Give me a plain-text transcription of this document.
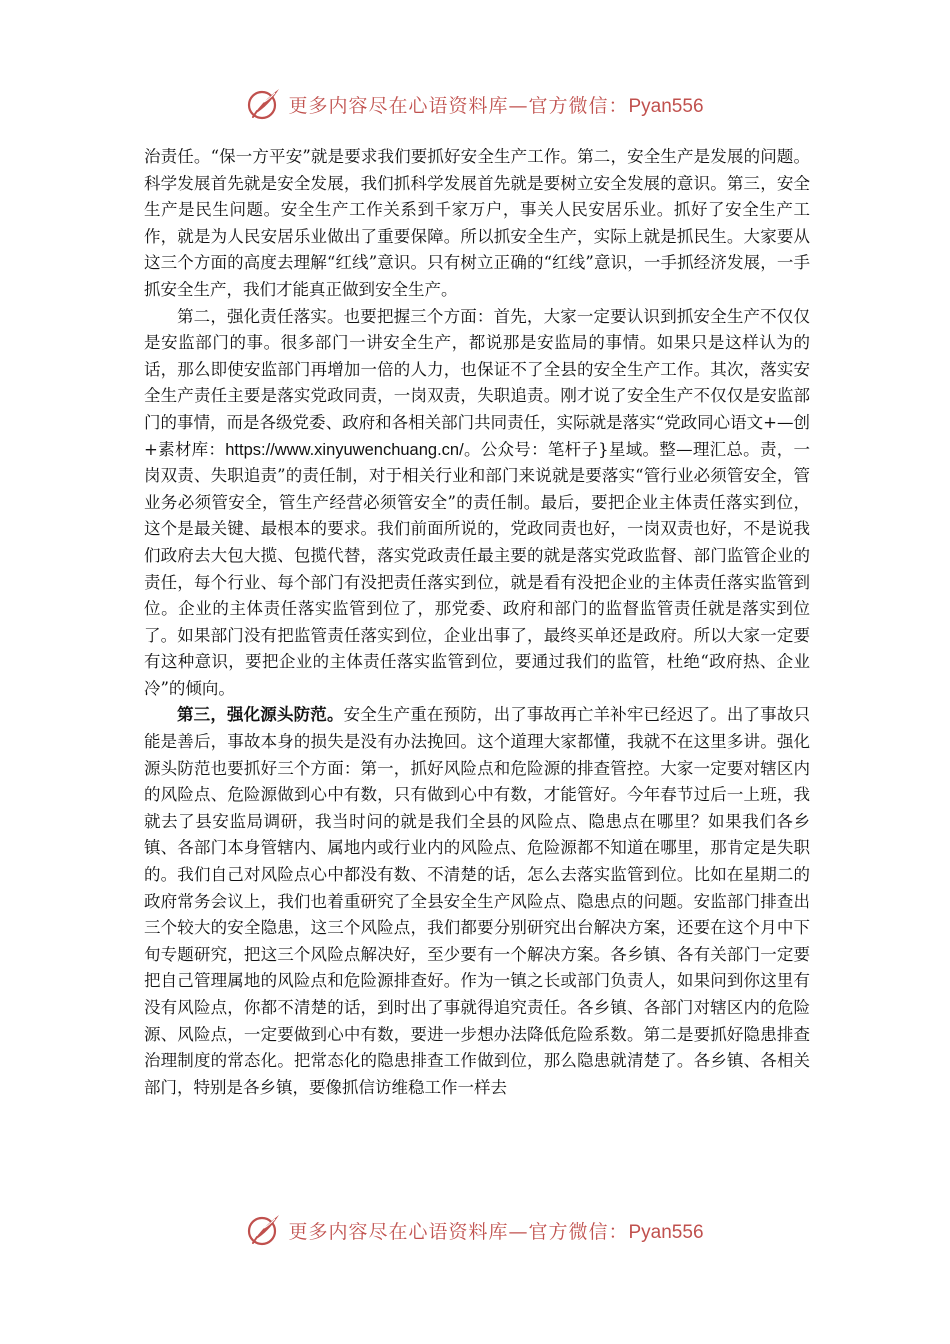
更多内容尽在心语资料库—官方微信：Pyan556

治责任。“保一方平安”就是要求我们要抓好安全生产工作。第二，安全生产是发展的问题。科学发展首先就是安全发展，我们抓科学发展首先就是要树立安全发展的意识。第三，安全生产是民生问题。安全生产工作关系到千家万户，事关人民安居乐业。抓好了安全生产工作，就是为人民安居乐业做出了重要保障。所以抓安全生产，实际上就是抓民生。大家要从这三个方面的高度去理解“红线”意识。只有树立正确的“红线”意识，一手抓经济发展，一手抓安全生产，我们才能真正做到安全生产。

第二，强化责任落实。也要把握三个方面：首先，大家一定要认识到抓安全生产不仅仅是安监部门的事。很多部门一讲安全生产，都说那是安监局的事情。如果只是这样认为的话，那么即使安监部门再增加一倍的人力，也保证不了全县的安全生产工作。其次，落实安全生产责任主要是落实党政同责，一岗双责，失职追责。刚才说了安全生产不仅仅是安监部门的事情，而是各级党委、政府和各相关部门共同责任，实际就是落实“党政同心语文+—创+素材库：https://www.xinyuwenchuang.cn/。公众号：笔杆子}星域。整—理汇总。责，一岗双责、失职追责”的责任制，对于相关行业和部门来说就是要落实“管行业必须管安全，管业务必须管安全，管生产经营必须管安全”的责任制。最后，要把企业主体责任落实到位，这个是最关键、最根本的要求。我们前面所说的，党政同责也好，一岗双责也好，不是说我们政府去大包大揽、包揽代替，落实党政责任最主要的就是落实党政监督、部门监管企业的责任，每个行业、每个部门有没把责任落实到位，就是看有没把企业的主体责任落实监管到位。企业的主体责任落实监管到位了，那党委、政府和部门的监督监管责任就是落实到位了。如果部门没有把监管责任落实到位，企业出事了，最终买单还是政府。所以大家一定要有这种意识，要把企业的主体责任落实监管到位，要通过我们的监管，杜绝“政府热、企业冷”的倾向。

第三，强化源头防范。安全生产重在预防，出了事故再亡羊补牢已经迟了。出了事故只能是善后，事故本身的损失是没有办法挽回。这个道理大家都懂，我就不在这里多讲。强化源头防范也要抓好三个方面：第一，抓好风险点和危险源的排查管控。大家一定要对辖区内的风险点、危险源做到心中有数，只有做到心中有数，才能管好。今年春节过后一上班，我就去了县安监局调研，我当时问的就是我们全县的风险点、隐患点在哪里？如果我们各乡镇、各部门本身管辖内、属地内或行业内的风险点、危险源都不知道在哪里，那肯定是失职的。我们自己对风险点心中都没有数、不清楚的话，怎么去落实监管到位。比如在星期二的政府常务会议上，我们也着重研究了全县安全生产风险点、隐患点的问题。安监部门排查出三个较大的安全隐患，这三个风险点，我们都要分别研究出台解决方案，还要在这个月中下旬专题研究，把这三个风险点解决好，至少要有一个解决方案。各乡镇、各有关部门一定要把自己管理属地的风险点和危险源排查好。作为一镇之长或部门负责人，如果问到你这里有没有风险点，你都不清楚的话，到时出了事就得追究责任。各乡镇、各部门对辖区内的危险源、风险点，一定要做到心中有数，要进一步想办法降低危险系数。第二是要抓好隐患排查治理制度的常态化。把常态化的隐患排查工作做到位，那么隐患就清楚了。各乡镇、各相关部门，特别是各乡镇，要像抓信访维稳工作一样去

更多内容尽在心语资料库—官方微信：Pyan556
